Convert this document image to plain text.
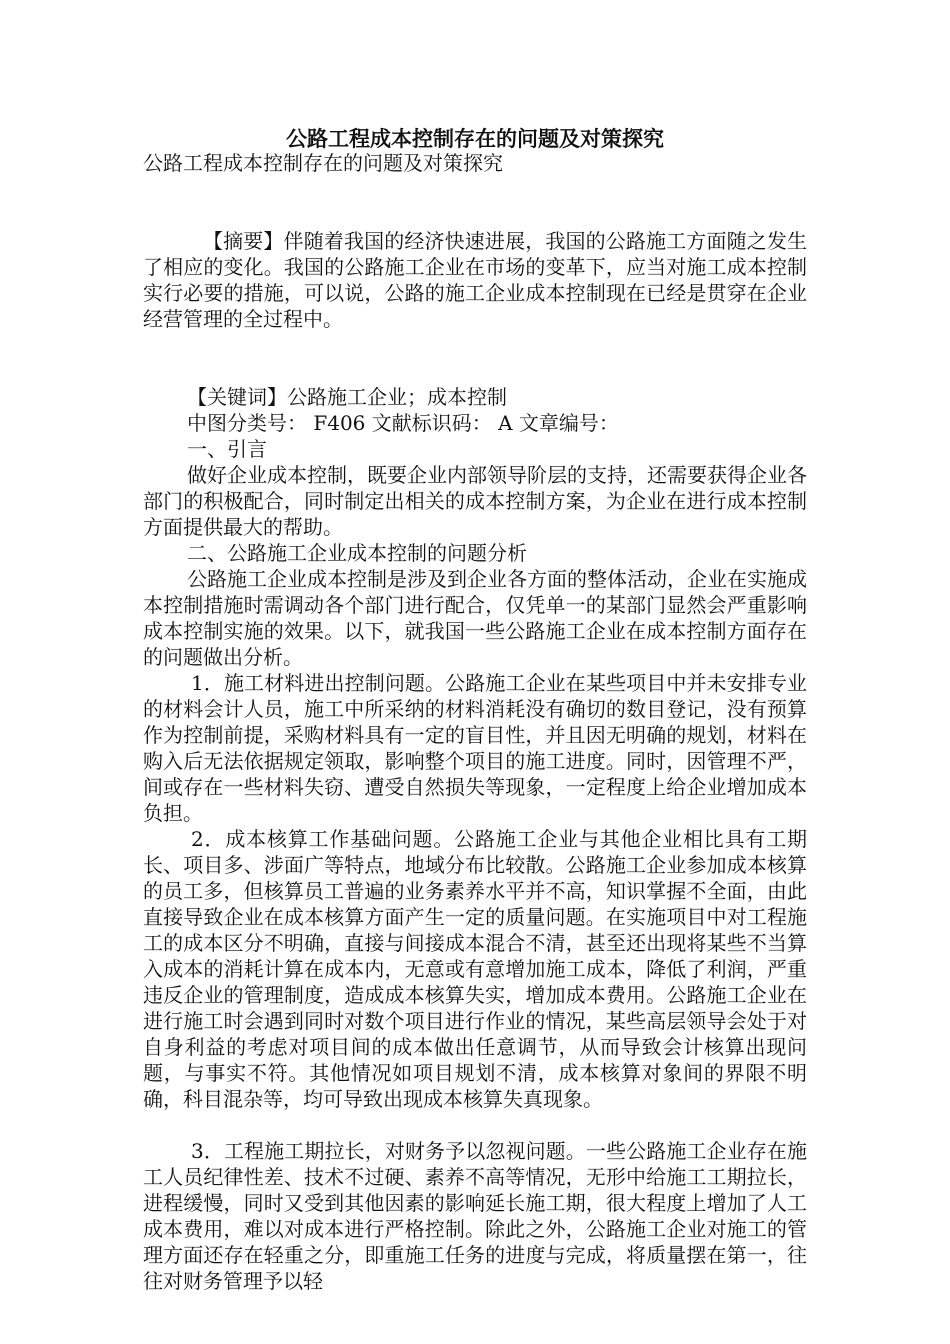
公路工程成本控制存在的问题及对策探究

公路工程成本控制存在的问题及对策探究

【摘要】伴随着我国的经济快速进展，我国的公路施工方面随之发生了相应的变化。我国的公路施工企业在市场的变革下，应当对施工成本控制实行必要的措施，可以说，公路的施工企业成本控制现在已经是贯穿在企业经营管理的全过程中。

【关键词】公路施工企业；成本控制

中图分类号： F406 文献标识码： A 文章编号：

一、引言

做好企业成本控制，既要企业内部领导阶层的支持，还需要获得企业各部门的积极配合，同时制定出相关的成本控制方案，为企业在进行成本控制方面提供最大的帮助。

二、公路施工企业成本控制的问题分析

公路施工企业成本控制是涉及到企业各方面的整体活动，企业在实施成本控制措施时需调动各个部门进行配合，仅凭单一的某部门显然会严重影响成本控制实施的效果。以下，就我国一些公路施工企业在成本控制方面存在的问题做出分析。

1．施工材料进出控制问题。公路施工企业在某些项目中并未安排专业的材料会计人员，施工中所采纳的材料消耗没有确切的数目登记，没有预算作为控制前提，采购材料具有一定的盲目性，并且因无明确的规划，材料在购入后无法依据规定领取，影响整个项目的施工进度。同时，因管理不严，间或存在一些材料失窃、遭受自然损失等现象，一定程度上给企业增加成本负担。

2．成本核算工作基础问题。公路施工企业与其他企业相比具有工期长、项目多、涉面广等特点，地域分布比较散。公路施工企业参加成本核算的员工多，但核算员工普遍的业务素养水平并不高，知识掌握不全面，由此直接导致企业在成本核算方面产生一定的质量问题。在实施项目中对工程施工的成本区分不明确，直接与间接成本混合不清，甚至还出现将某些不当算入成本的消耗计算在成本内，无意或有意增加施工成本，降低了利润，严重违反企业的管理制度，造成成本核算失实，增加成本费用。公路施工企业在进行施工时会遇到同时对数个项目进行作业的情况，某些高层领导会处于对自身利益的考虑对项目间的成本做出任意调节，从而导致会计核算出现问题，与事实不符。其他情况如项目规划不清，成本核算对象间的界限不明确，科目混杂等，均可导致出现成本核算失真现象。

3．工程施工期拉长，对财务予以忽视问题。一些公路施工企业存在施工人员纪律性差、技术不过硬、素养不高等情况，无形中给施工工期拉长，进程缓慢，同时又受到其他因素的影响延长施工期，很大程度上增加了人工成本费用，难以对成本进行严格控制。除此之外，公路施工企业对施工的管理方面还存在轻重之分，即重施工任务的进度与完成，将质量摆在第一，往往对财务管理予以轻
